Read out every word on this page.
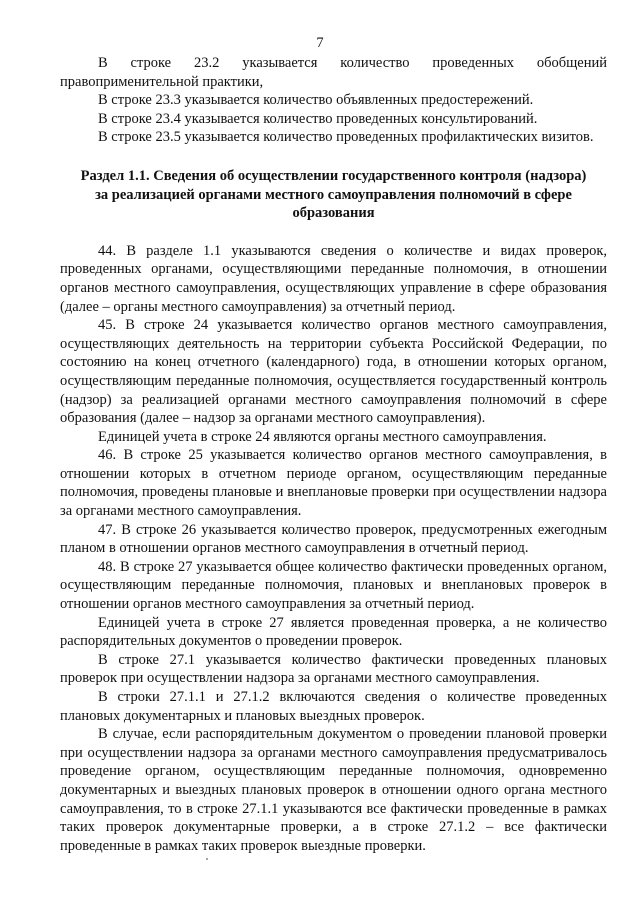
7

В строке 23.2 указывается количество проведенных обобщений правоприменительной практики,

В строке 23.3 указывается количество объявленных предостережений.

В строке 23.4 указывается количество проведенных консультирований.

В строке 23.5 указывается количество проведенных профилактических визитов.

Раздел 1.1. Сведения об осуществлении государственного контроля (надзора) за реализацией органами местного самоуправления полномочий в сфере образования

44. В разделе 1.1 указываются сведения о количестве и видах проверок, проведенных органами, осуществляющими переданные полномочия, в отношении органов местного самоуправления, осуществляющих управление в сфере образования (далее – органы местного самоуправления) за отчетный период.

45. В строке 24 указывается количество органов местного самоуправления, осуществляющих деятельность на территории субъекта Российской Федерации, по состоянию на конец отчетного (календарного) года, в отношении которых органом, осуществляющим переданные полномочия, осуществляется государственный контроль (надзор) за реализацией органами местного самоуправления полномочий в сфере образования (далее – надзор за органами местного самоуправления).

Единицей учета в строке 24 являются органы местного самоуправления.

46. В строке 25 указывается количество органов местного самоуправления, в отношении которых в отчетном периоде органом, осуществляющим переданные полномочия, проведены плановые и внеплановые проверки при осуществлении надзора за органами местного самоуправления.

47. В строке 26 указывается количество проверок, предусмотренных ежегодным планом в отношении органов местного самоуправления в отчетный период.

48. В строке 27 указывается общее количество фактически проведенных органом, осуществляющим переданные полномочия, плановых и внеплановых проверок в отношении органов местного самоуправления за отчетный период.

Единицей учета в строке 27 является проведенная проверка, а не количество распорядительных документов о проведении проверок.

В строке 27.1 указывается количество фактически проведенных плановых проверок при осуществлении надзора за органами местного самоуправления.

В строки 27.1.1 и 27.1.2 включаются сведения о количестве проведенных плановых документарных и плановых выездных проверок.

В случае, если распорядительным документом о проведении плановой проверки при осуществлении надзора за органами местного самоуправления предусматривалось проведение органом, осуществляющим переданные полномочия, одновременно документарных и выездных плановых проверок в отношении одного органа местного самоуправления, то в строке 27.1.1 указываются все фактически проведенные в рамках таких проверок документарные проверки, а в строке 27.1.2 – все фактически проведенные в рамках таких проверок выездные проверки.
